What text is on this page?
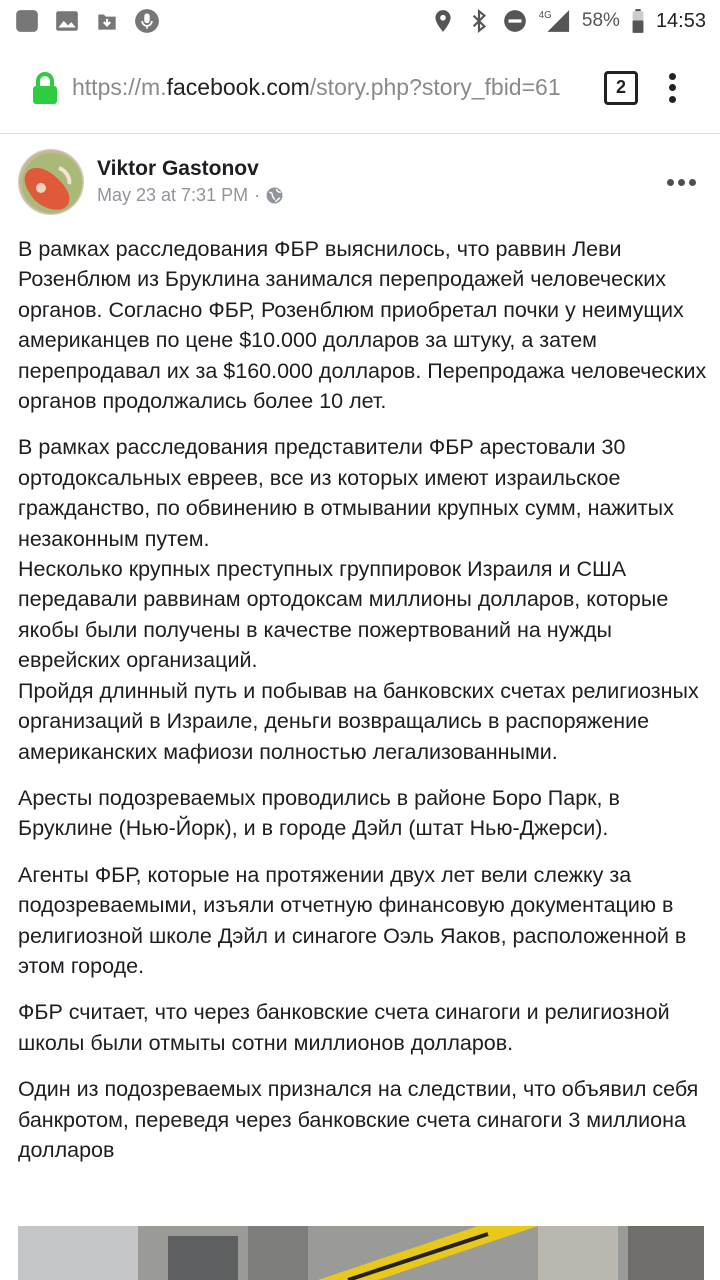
4G 58% 14:53
https://m.facebook.com/story.php?story_fbid=61	2
Viktor Gastonov
May 23 at 7:31 PM ·

В рамках расследования ФБР выяснилось, что раввин Леви Розенблюм из Бруклина занимался перепродажей человеческих органов. Согласно ФБР, Розенблюм приобретал почки у неимущих американцев по цене $10.000 долларов за штуку, а затем перепродавал их за $160.000 долларов. Перепродажа человеческих органов продолжались более 10 лет.

В рамках расследования представители ФБР арестовали 30 ортодоксальных евреев, все из которых имеют израильское гражданство, по обвинению в отмывании крупных сумм, нажитых незаконным путем.

Несколько крупных преступных группировок Израиля и США передавали раввинам ортодоксам миллионы долларов, которые якобы были получены в качестве пожертвований на нужды еврейских организаций.

Пройдя длинный путь и побывав на банковских счетах религиозных организаций в Израиле, деньги возвращались в распоряжение американских мафиози полностью легализованными.

Аресты подозреваемых проводились в районе Боро Парк, в Бруклине (Нью-Йорк), и в городе Дэйл (штат Нью-Джерси).

Агенты ФБР, которые на протяжении двух лет вели слежку за подозреваемыми, изъяли отчетную финансовую документацию в религиозной школе Дэйл и синагоге Оэль Яаков, расположенной в этом городе.

ФБР считает, что через банковские счета синагоги и религиозной школы были отмыты сотни миллионов долларов.

Один из подозреваемых признался на следствии, что объявил себя банкротом, переведя через банковские счета синагоги 3 миллиона долларов
